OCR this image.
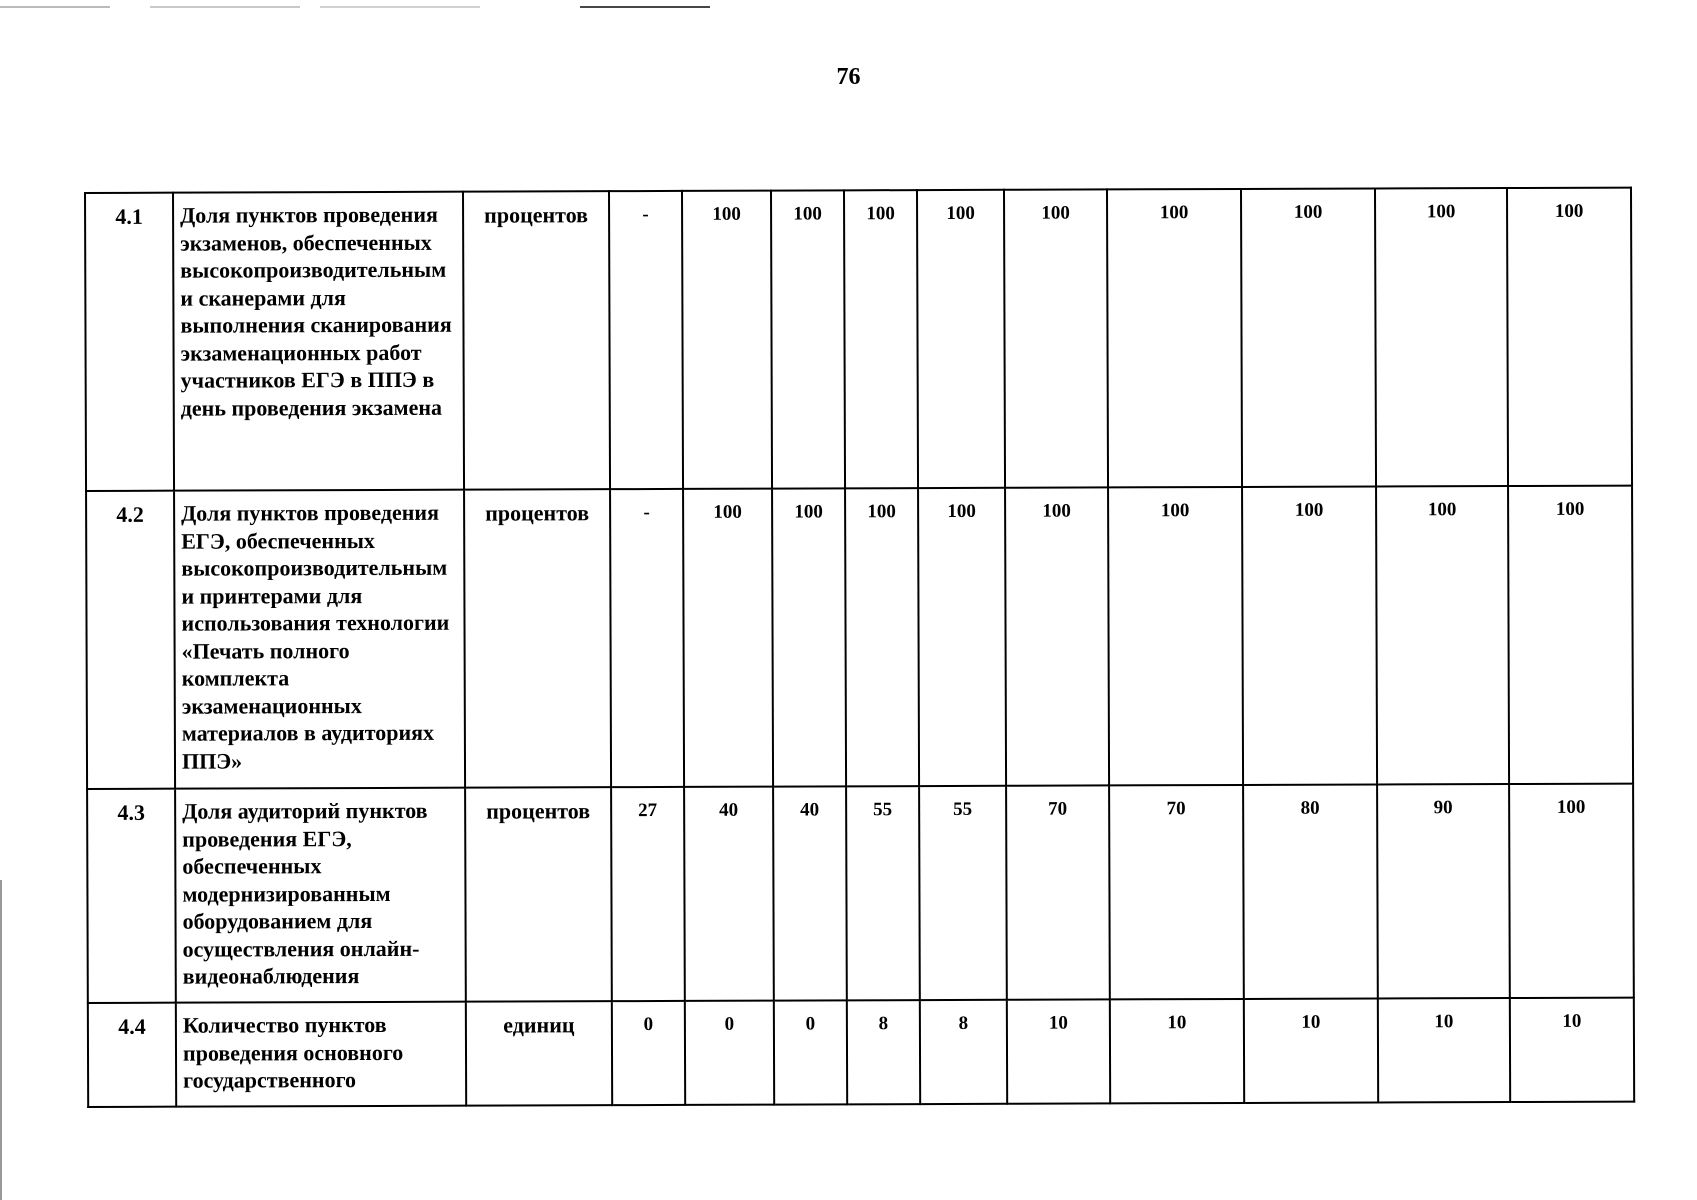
76
4.1	Доля пунктов проведения экзаменов, обеспеченных высокопроизводительным и сканерами для выполнения сканирования экзаменационных работ участников ЕГЭ в ППЭ в день проведения экзамена	процентов	-	100	100	100	100	100	100	100	100	100
4.2	Доля пунктов проведения ЕГЭ, обеспеченных высокопроизводительным и принтерами для использования технологии «Печать полного комплекта экзаменационных материалов в аудиториях ППЭ»	процентов	-	100	100	100	100	100	100	100	100	100
4.3	Доля аудиторий пунктов проведения ЕГЭ, обеспеченных модернизированным оборудованием для осуществления онлайн-видеонаблюдения	процентов	27	40	40	55	55	70	70	80	90	100
4.4	Количество пунктов проведения основного государственного	единиц	0	0	0	8	8	10	10	10	10	10
